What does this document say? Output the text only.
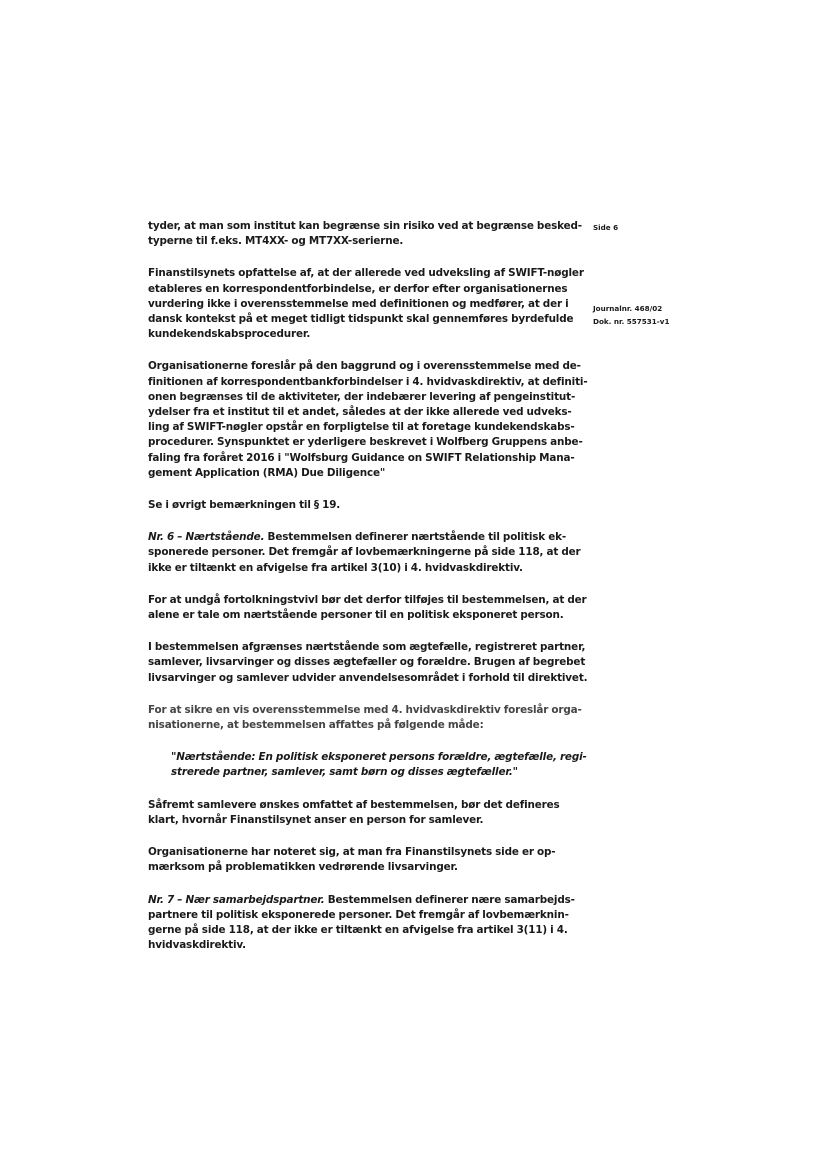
Side 6
Journalnr. 468/02
Dok. nr. 557531-v1

tyder, at man som institut kan begrænse sin risiko ved at begrænse besked-
typerne til f.eks. MT4XX- og MT7XX-serierne.

Finanstilsynets opfattelse af, at der allerede ved udveksling af SWIFT-nøgler
etableres en korrespondentforbindelse, er derfor efter organisationernes
vurdering ikke i overensstemmelse med definitionen og medfører, at der i
dansk kontekst på et meget tidligt tidspunkt skal gennemføres byrdefulde
kundekendskabsprocedurer.

Organisationerne foreslår på den baggrund og i overensstemmelse med de-
finitionen af korrespondentbankforbindelser i 4. hvidvaskdirektiv, at definiti-
onen begrænses til de aktiviteter, der indebærer levering af pengeinstitut-
ydelser fra et institut til et andet, således at der ikke allerede ved udveks-
ling af SWIFT-nøgler opstår en forpligtelse til at foretage kundekendskabs-
procedurer. Synspunktet er yderligere beskrevet i Wolfberg Gruppens anbe-
faling fra foråret 2016 i "Wolfsburg Guidance on SWIFT Relationship Mana-
gement Application (RMA) Due Diligence"

Se i øvrigt bemærkningen til § 19.

Nr. 6 – Nærtstående. Bestemmelsen definerer nærtstående til politisk ek-
sponerede personer. Det fremgår af lovbemærkningerne på side 118, at der
ikke er tiltænkt en afvigelse fra artikel 3(10) i 4. hvidvaskdirektiv.

For at undgå fortolkningstvivl bør det derfor tilføjes til bestemmelsen, at der
alene er tale om nærtstående personer til en politisk eksponeret person.

I bestemmelsen afgrænses nærtstående som ægtefælle, registreret partner,
samlever, livsarvinger og disses ægtefæller og forældre. Brugen af begrebet
livsarvinger og samlever udvider anvendelsesområdet i forhold til direktivet.

For at sikre en vis overensstemmelse med 4. hvidvaskdirektiv foreslår orga-
nisationerne, at bestemmelsen affattes på følgende måde:

"Nærtstående: En politisk eksponeret persons forældre, ægtefælle, regi-
strerede partner, samlever, samt børn og disses ægtefæller."

Såfremt samlevere ønskes omfattet af bestemmelsen, bør det defineres
klart, hvornår Finanstilsynet anser en person for samlever.

Organisationerne har noteret sig, at man fra Finanstilsynets side er op-
mærksom på problematikken vedrørende livsarvinger.

Nr. 7 – Nær samarbejdspartner. Bestemmelsen definerer nære samarbejds-
partnere til politisk eksponerede personer. Det fremgår af lovbemærknin-
gerne på side 118, at der ikke er tiltænkt en afvigelse fra artikel 3(11) i 4.
hvidvaskdirektiv.
